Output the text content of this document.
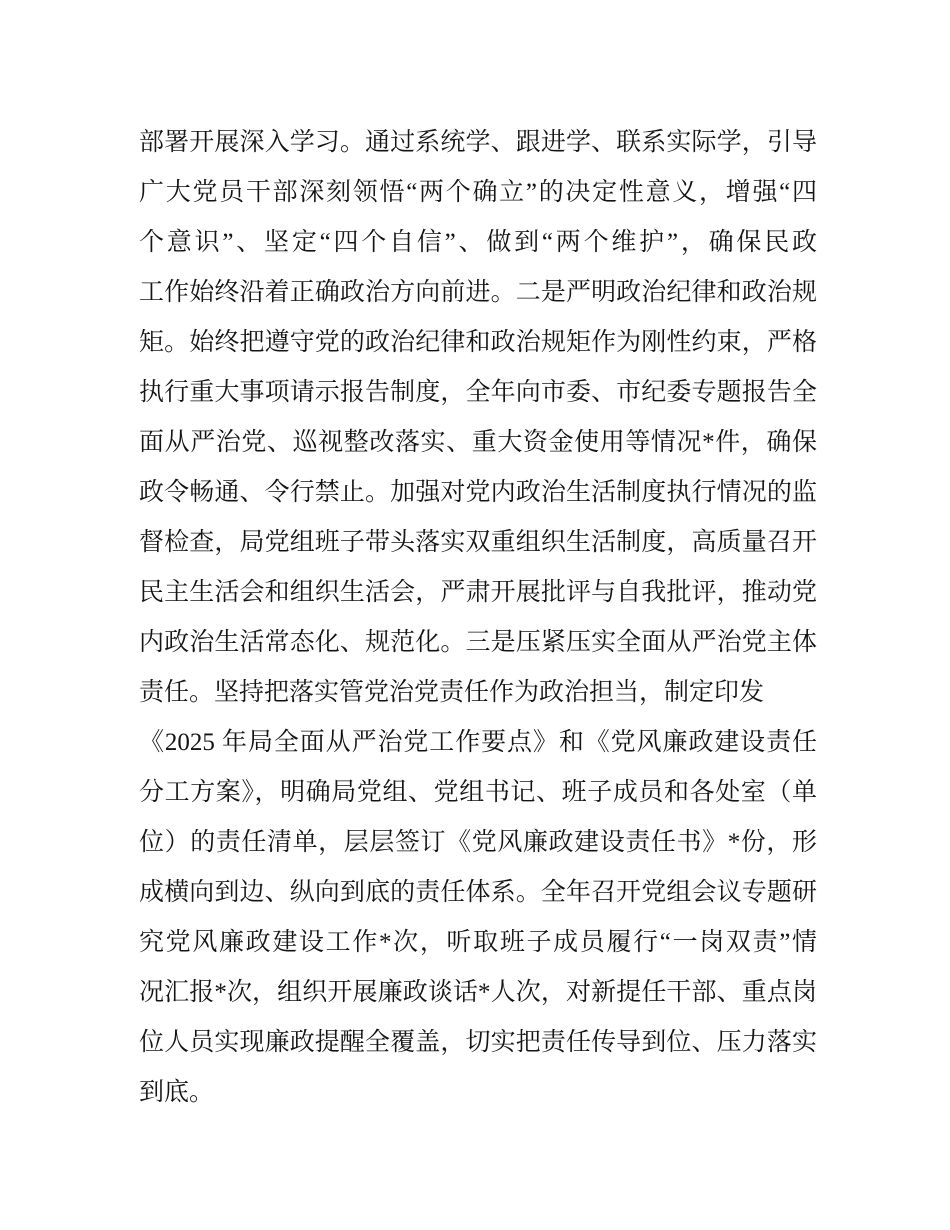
部署开展深入学习。通过系统学、跟进学、联系实际学，引导
广大党员干部深刻领悟“两个确立”的决定性意义，增强“四
个意识”、坚定“四个自信”、做到“两个维护”，确保民政
工作始终沿着正确政治方向前进。二是严明政治纪律和政治规
矩。始终把遵守党的政治纪律和政治规矩作为刚性约束，严格
执行重大事项请示报告制度，全年向市委、市纪委专题报告全
面从严治党、巡视整改落实、重大资金使用等情况*件，确保
政令畅通、令行禁止。加强对党内政治生活制度执行情况的监
督检查，局党组班子带头落实双重组织生活制度，高质量召开
民主生活会和组织生活会，严肃开展批评与自我批评，推动党
内政治生活常态化、规范化。三是压紧压实全面从严治党主体
责任。坚持把落实管党治党责任作为政治担当，制定印发
《2025 年局全面从严治党工作要点》和《党风廉政建设责任
分工方案》，明确局党组、党组书记、班子成员和各处室（单
位）的责任清单，层层签订《党风廉政建设责任书》*份，形
成横向到边、纵向到底的责任体系。全年召开党组会议专题研
究党风廉政建设工作*次，听取班子成员履行“一岗双责”情
况汇报*次，组织开展廉政谈话*人次，对新提任干部、重点岗
位人员实现廉政提醒全覆盖，切实把责任传导到位、压力落实
到底。
